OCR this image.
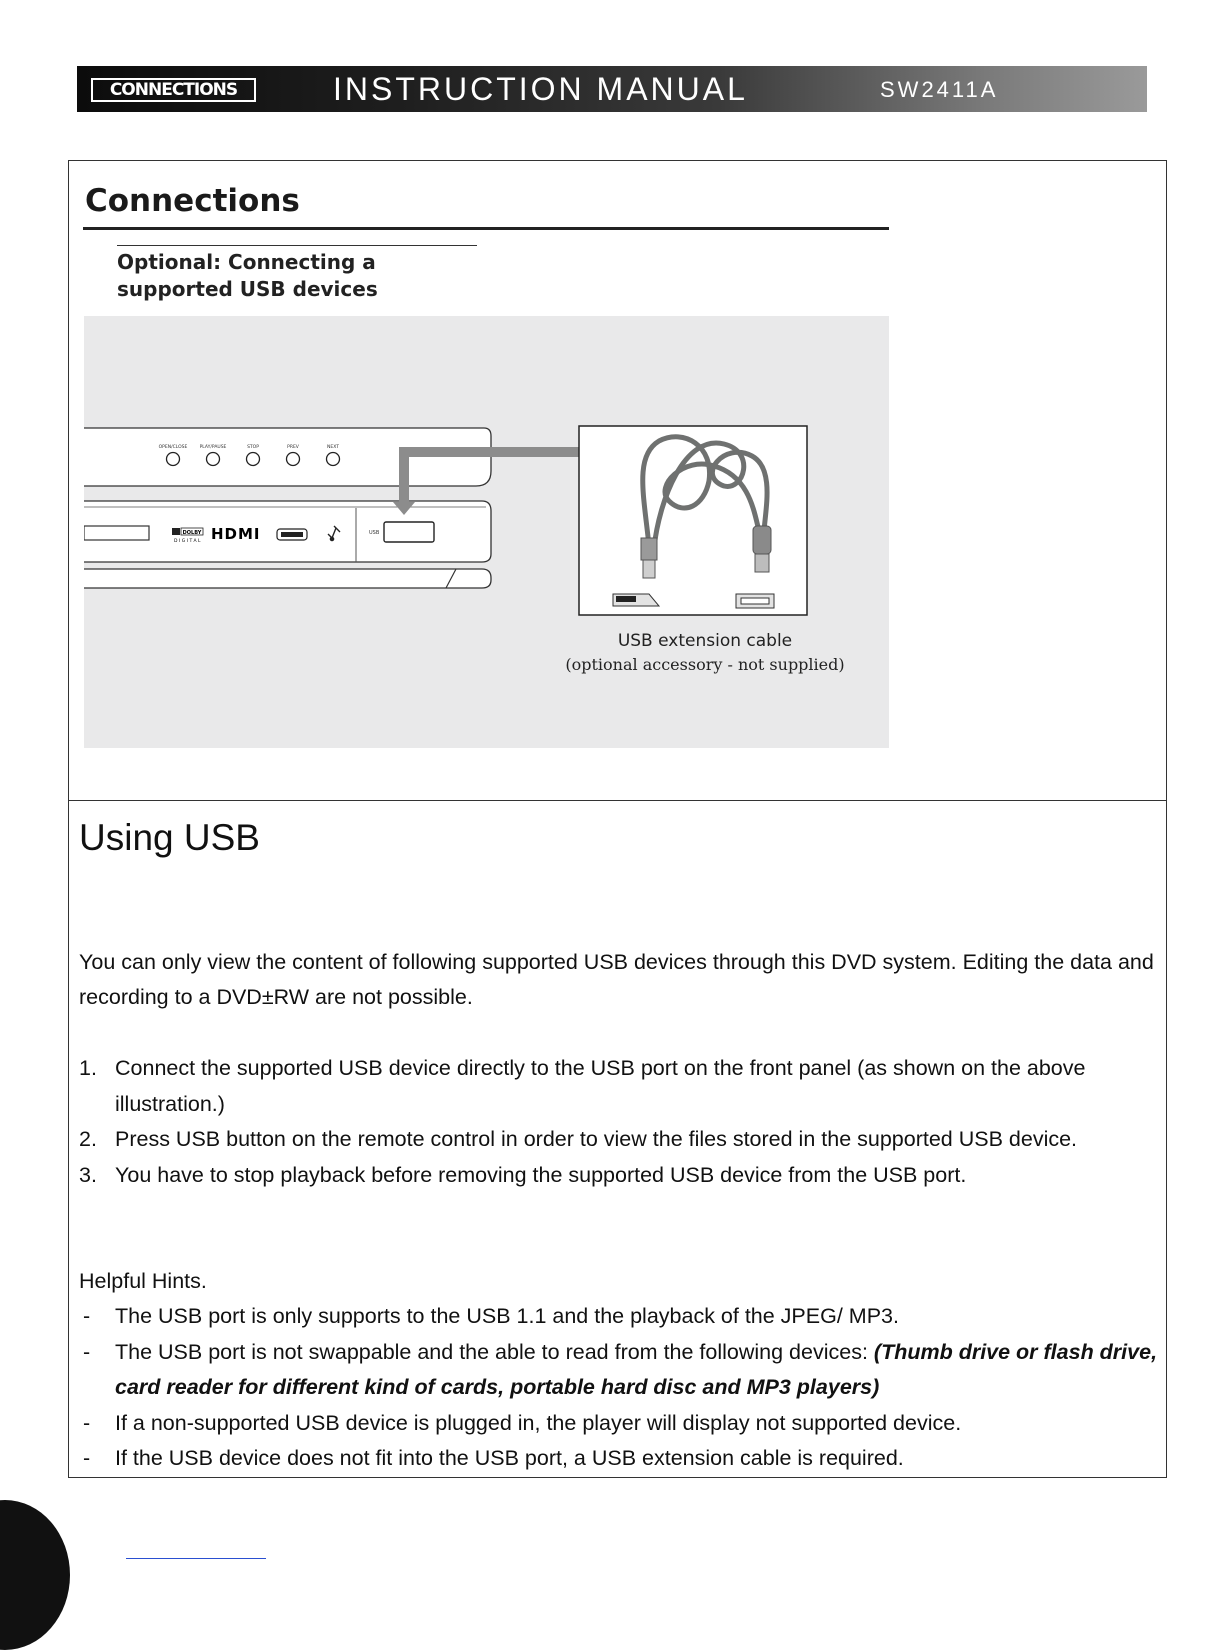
CONNECTIONS	INSTRUCTION MANUAL	SW2411A
Connections
Optional: Connecting a
supported USB devices
OPEN/CLOSE	PLAY/PAUSE	STOP	PREV	NEXT
DOLBY
DIGITAL HDMI	USB
USB extension cable
(optional accessory - not supplied)
Using USB
You can only view the content of following supported USB devices through this DVD system. Editing the data and recording to a DVD±RW are not possible.
1. Connect the supported USB device directly to the USB port on the front panel (as shown on the above illustration.)
2. Press USB button on the remote control in order to view the files stored in the supported USB device.
3. You have to stop playback before removing the supported USB device from the USB port.
Helpful Hints.
- The USB port is only supports to the USB 1.1 and the playback of the JPEG/ MP3.
- The USB port is not swappable and the able to read from the following devices: (Thumb drive or flash drive, card reader for different kind of cards, portable hard disc and MP3 players)
- If a non-supported USB device is plugged in, the player will display not supported device.
- If the USB device does not fit into the USB port, a USB extension cable is required.
